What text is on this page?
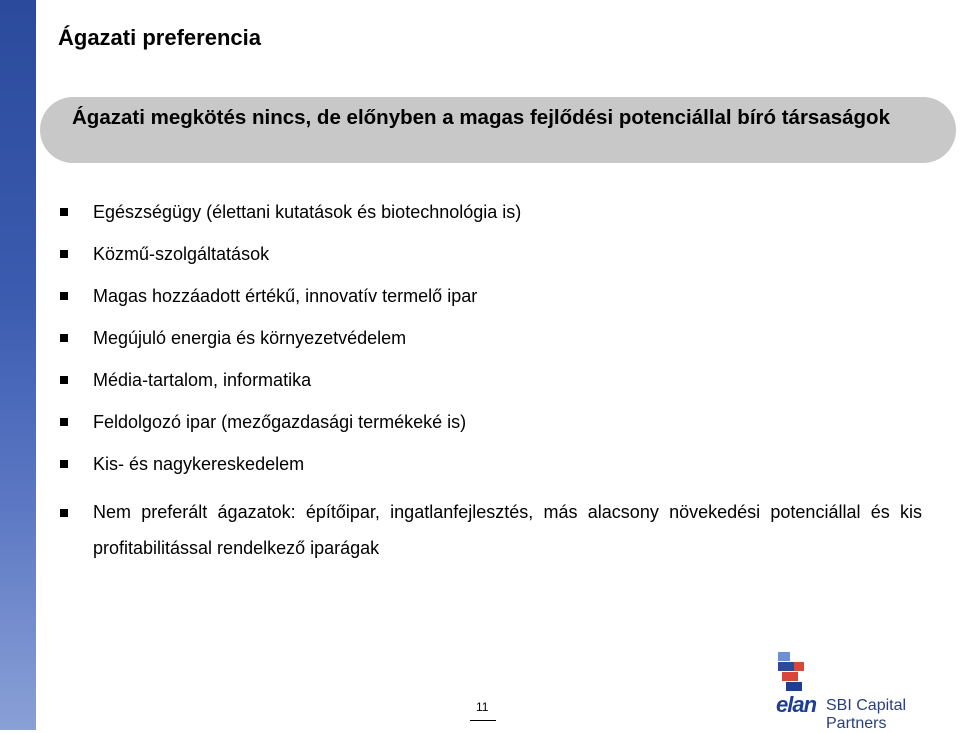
Ágazati preferencia
Ágazati megkötés nincs, de előnyben a magas fejlődési potenciállal bíró társaságok
Egészségügy (élettani kutatások és biotechnológia is)
Közmű-szolgáltatások
Magas hozzáadott értékű, innovatív termelő ipar
Megújuló energia és környezetvédelem
Média-tartalom, informatika
Feldolgozó ipar (mezőgazdasági termékeké is)
Kis- és nagykereskedelem
Nem preferált ágazatok: építőipar, ingatlanfejlesztés, más alacsony növekedési potenciállal és kis profitabilitással rendelkező iparágak
11	elan SBI Capital Partners
